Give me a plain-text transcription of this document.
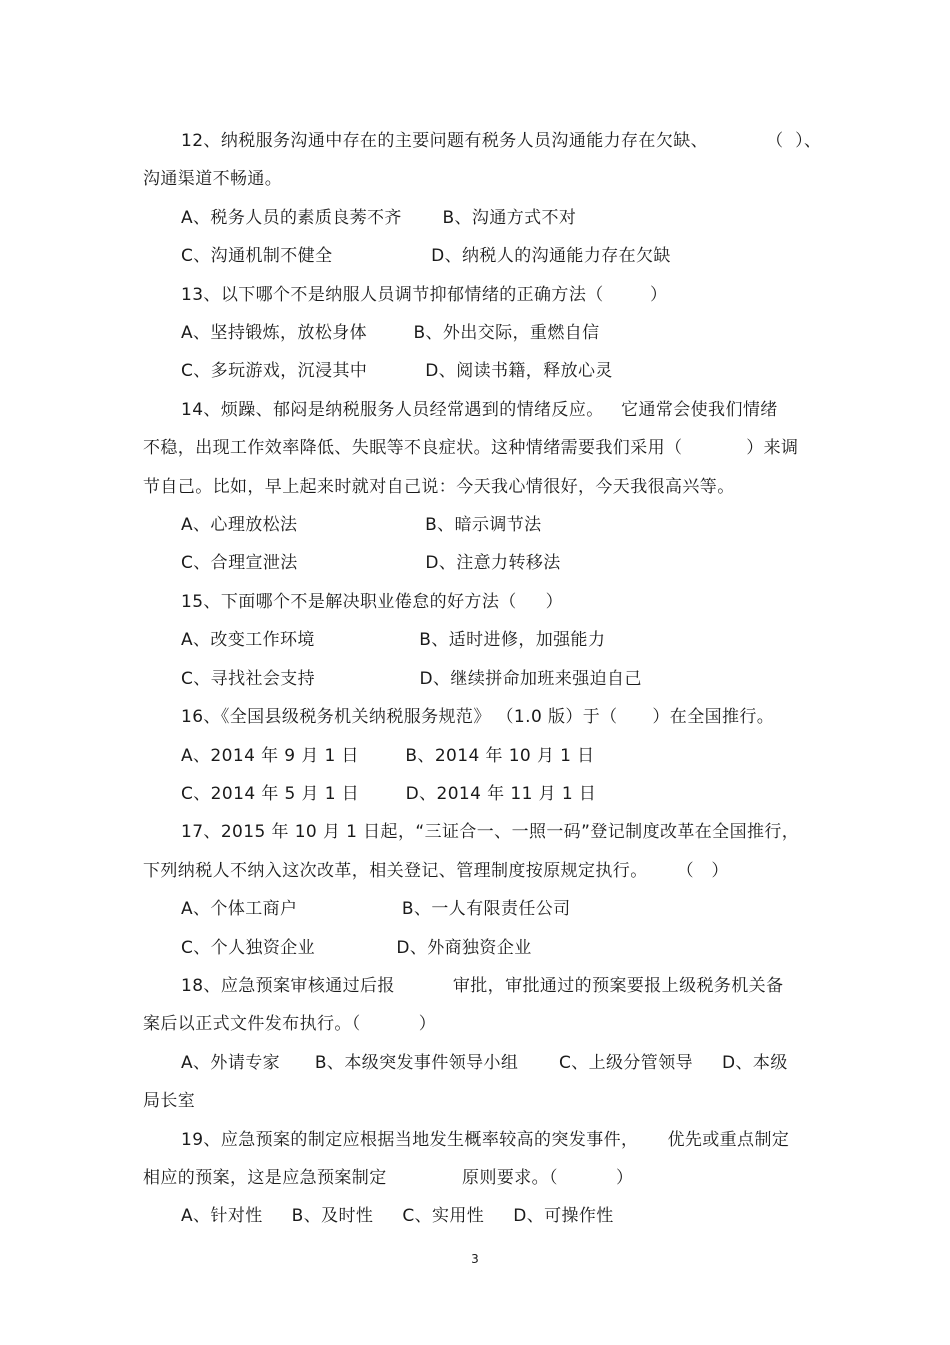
12、纳税服务沟通中存在的主要问题有税务人员沟通能力存在欠缺、          （  ）、
沟通渠道不畅通。
A、税务人员的素质良莠不齐       B、沟通方式不对
C、沟通机制不健全                 D、纳税人的沟通能力存在欠缺
13、以下哪个不是纳服人员调节抑郁情绪的正确方法（        ）
A、坚持锻炼，放松身体        B、外出交际，重燃自信
C、多玩游戏，沉浸其中          D、阅读书籍，释放心灵
14、烦躁、郁闷是纳税服务人员经常遇到的情绪反应。   它通常会使我们情绪
不稳，出现工作效率降低、失眠等不良症状。这种情绪需要我们采用（           ）来调
节自己。比如，早上起来时就对自己说：今天我心情很好，今天我很高兴等。
A、心理放松法                      B、暗示调节法
C、合理宣泄法                      D、注意力转移法
15、下面哪个不是解决职业倦怠的好方法（     ）
A、改变工作环境                  B、适时进修，加强能力
C、寻找社会支持                  D、继续拼命加班来强迫自己
16、《全国县级税务机关纳税服务规范》 （1.0 版）于（      ）在全国推行。
A、2014 年 9 月 1 日        B、2014 年 10 月 1 日
C、2014 年 5 月 1 日        D、2014 年 11 月 1 日
17、2015 年 10 月 1 日起，“三证合一、一照一码”登记制度改革在全国推行，
下列纳税人不纳入这次改革，相关登记、管理制度按原规定执行。     （   ）
A、个体工商户                  B、一人有限责任公司
C、个人独资企业              D、外商独资企业
18、应急预案审核通过后报          审批，审批通过的预案要报上级税务机关备
案后以正式文件发布执行。（          ）
A、外请专家      B、本级突发事件领导小组       C、上级分管领导     D、本级
局长室
19、应急预案的制定应根据当地发生概率较高的突发事件，     优先或重点制定
相应的预案，这是应急预案制定             原则要求。（          ）
A、针对性     B、及时性     C、实用性     D、可操作性
3
